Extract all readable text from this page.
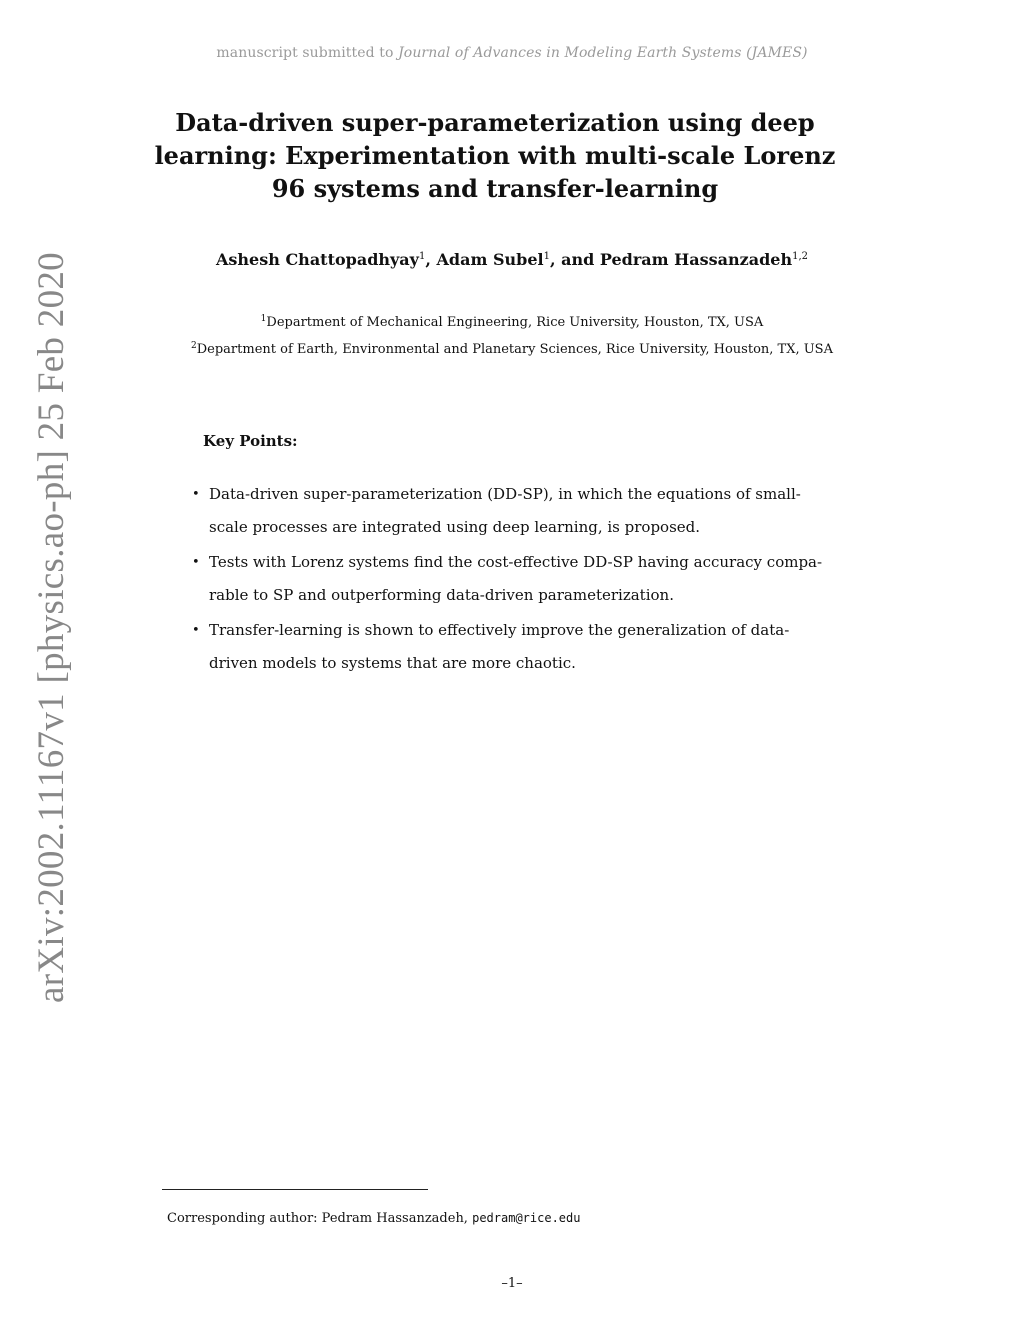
manuscript submitted to Journal of Advances in Modeling Earth Systems (JAMES)
arXiv:2002.11167v1 [physics.ao-ph] 25 Feb 2020
Data-driven super-parameterization using deep learning: Experimentation with multi-scale Lorenz 96 systems and transfer-learning
Ashesh Chattopadhyay$^1$, Adam Subel$^1$, and Pedram Hassanzadeh$^{1,2}$
$^1$Department of Mechanical Engineering, Rice University, Houston, TX, USA
$^2$Department of Earth, Environmental and Planetary Sciences, Rice University, Houston, TX, USA
Key Points:
• Data-driven super-parameterization (DD-SP), in which the equations of small-scale processes are integrated using deep learning, is proposed.
• Tests with Lorenz systems find the cost-effective DD-SP having accuracy compa-rable to SP and outperforming data-driven parameterization.
• Transfer-learning is shown to effectively improve the generalization of data-driven models to systems that are more chaotic.
Corresponding author: Pedram Hassanzadeh, pedram@rice.edu
–1–
